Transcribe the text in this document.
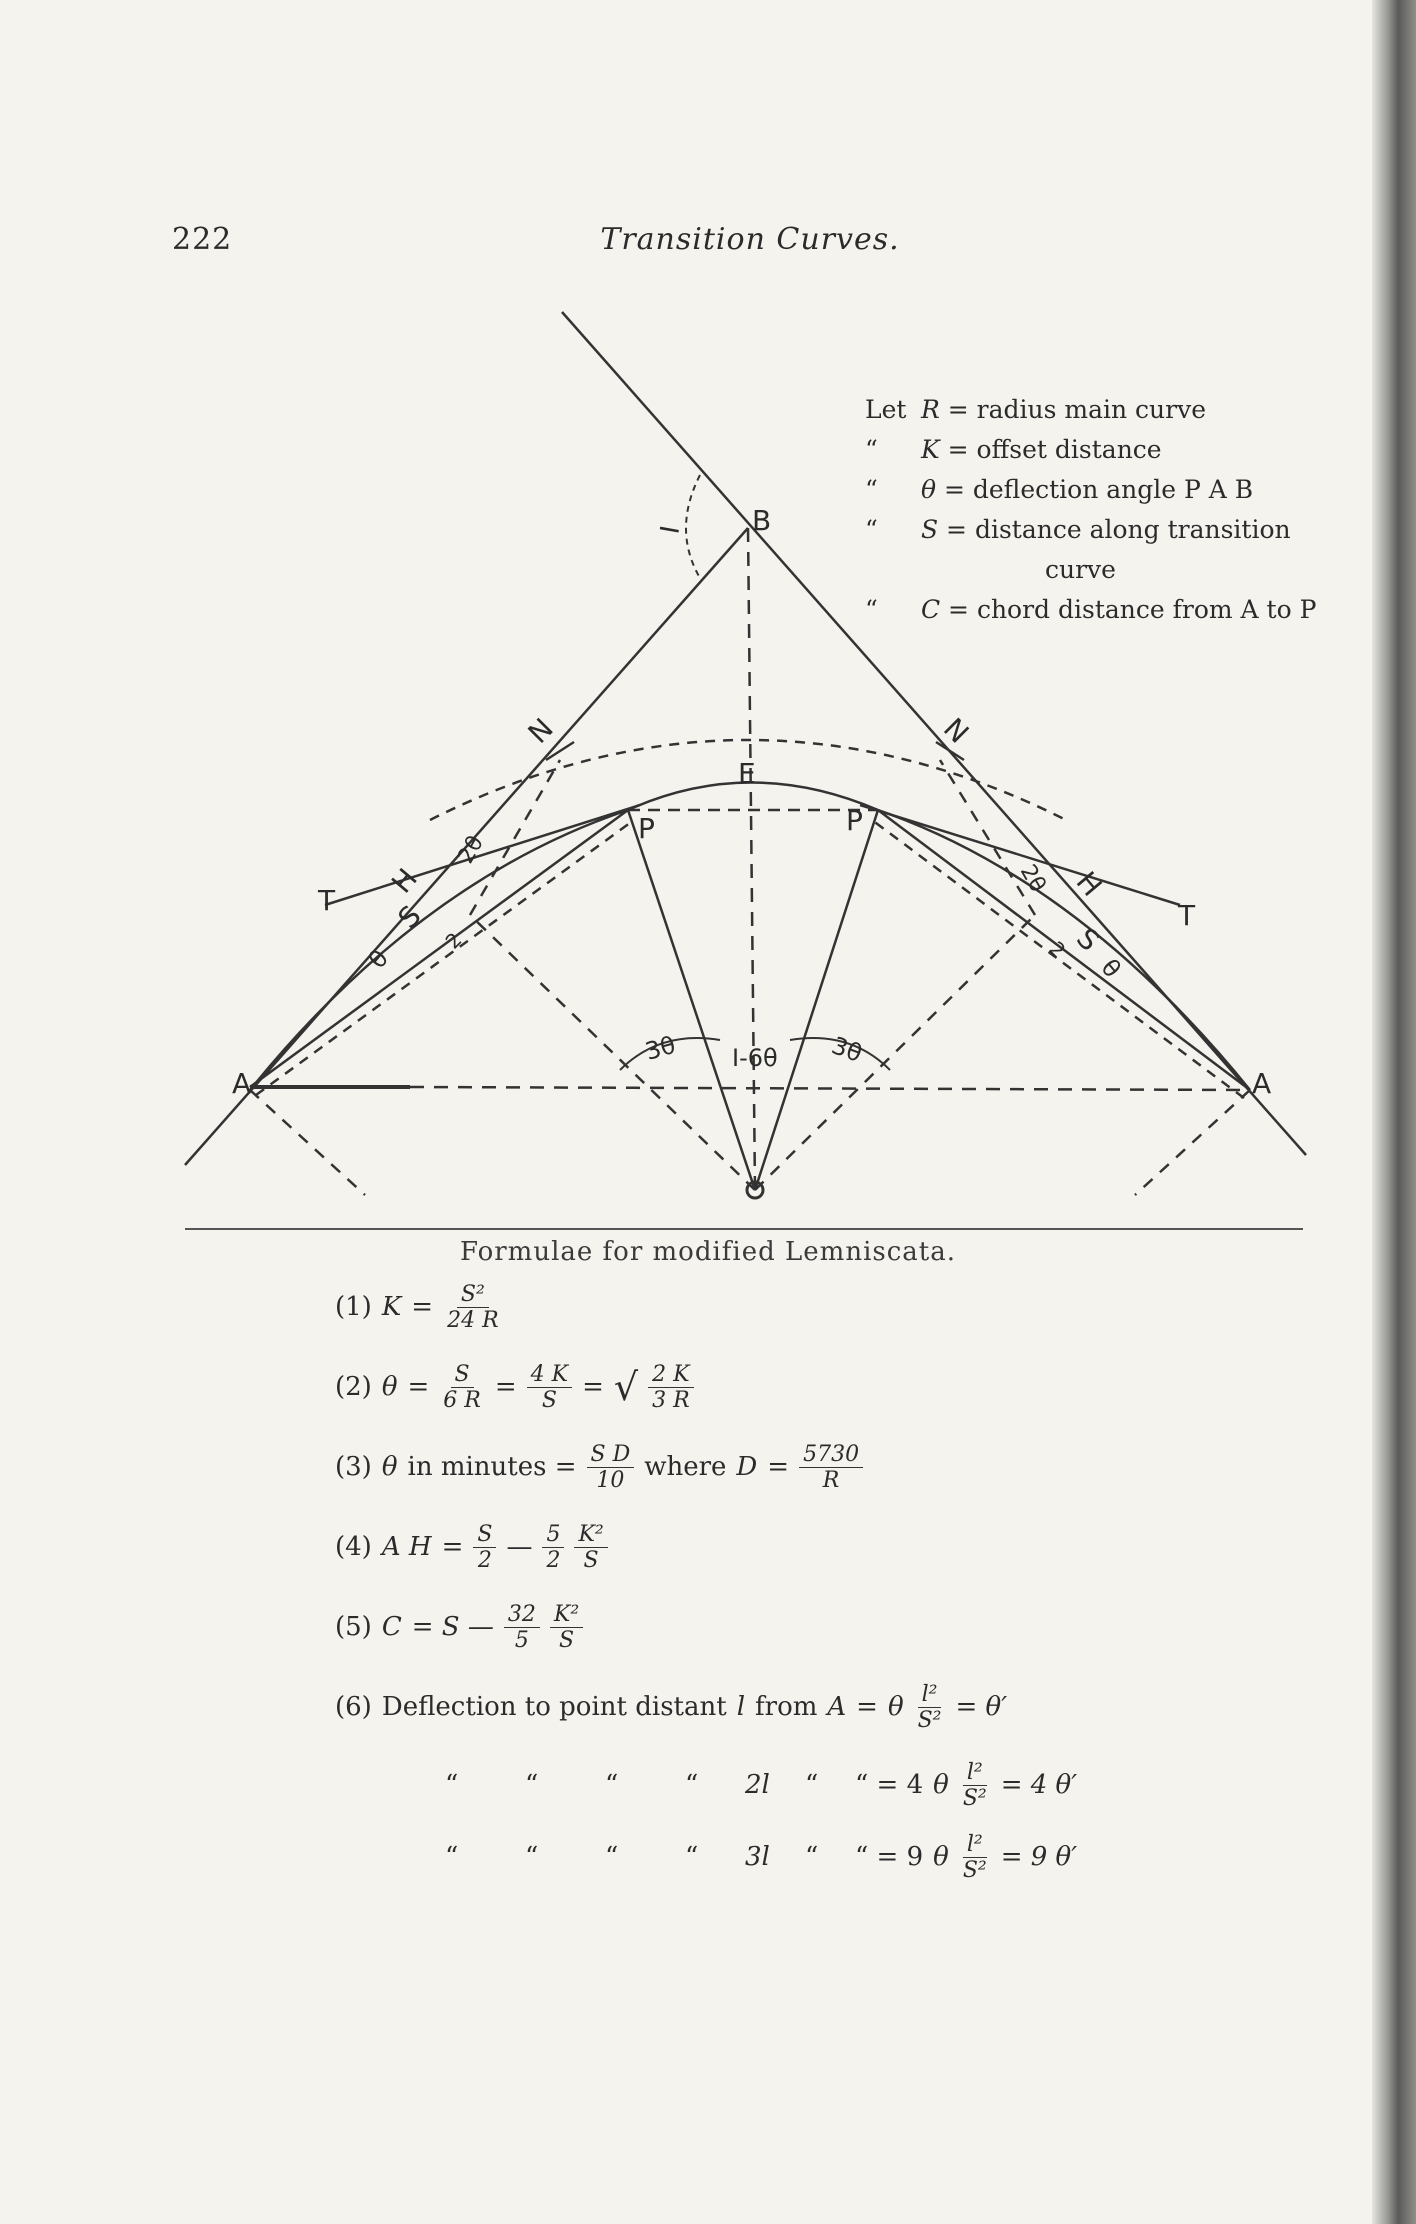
222	Transition Curves.
B
E
P	P
N	N
H	H
T	T
S
S
A	A
θ	θ
2θ
2θ
I
3θ	3θ
I-6θ
O
2	2
Let R = radius main curve
“ K = offset distance
“ θ = deflection angle P A B
“ S = distance along transition
curve
“ C = chord distance from A to P
Formulae for modified Lemniscata.
(1) $K = \frac{\text{S²}}{24 R}$
(2) $\theta = \frac{S}{6 R} = \frac{4 K}{S}$ = √ $\frac{2 K}{3 R}$
(3) θ in minutes = $\frac{\text{S D}}{10}$ where $D = \frac{5730}{R}$
(4) A $H = \frac{S}{2}$ — $\frac{5}{2} \frac{\text{K²}}{S}$
(5) C = S — $\frac{32}{5} \frac{\text{K²}}{S}$
(6) Deflection to point distant l from A = θ $\frac{\text{l²}}{\text{S²}} = \theta'$
“	“	“	“	2l	“	“ = 4 θ $\frac{\text{l²}}{\text{S²}} = 4$ θ′
“	“	“	“	3l	“	“ = 9 θ $\frac{\text{l²}}{\text{S²}} = 9$ θ′
